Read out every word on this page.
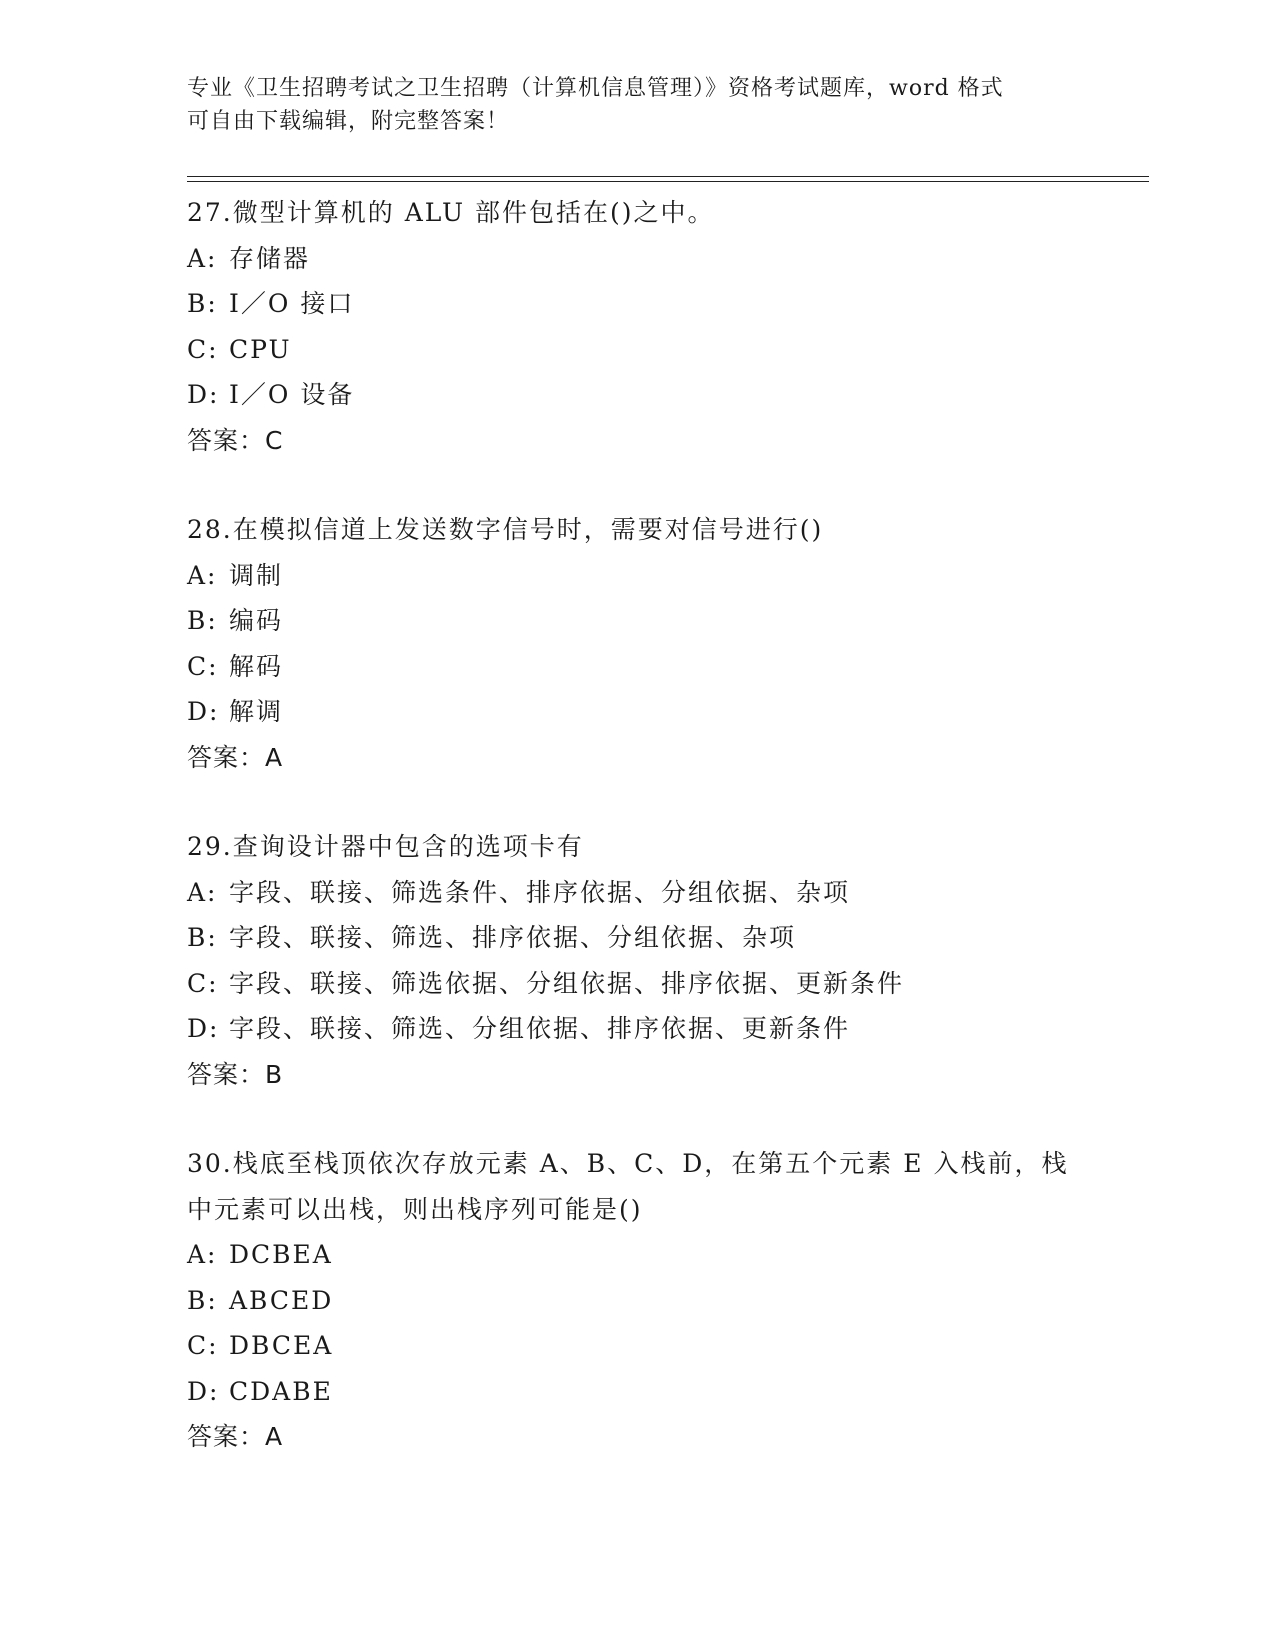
专业《卫生招聘考试之卫生招聘（计算机信息管理）》资格考试题库，word 格式
可自由下载编辑，附完整答案！
27.微型计算机的 ALU 部件包括在()之中。
A: 存储器
B: I／O 接口
C: CPU
D: I／O 设备
答案：C
28.在模拟信道上发送数字信号时，需要对信号进行()
A: 调制
B: 编码
C: 解码
D: 解调
答案：A
29.查询设计器中包含的选项卡有
A: 字段、联接、筛选条件、排序依据、分组依据、杂项
B: 字段、联接、筛选、排序依据、分组依据、杂项
C: 字段、联接、筛选依据、分组依据、排序依据、更新条件
D: 字段、联接、筛选、分组依据、排序依据、更新条件
答案：B
30.栈底至栈顶依次存放元素 A、B、C、D，在第五个元素 E 入栈前，栈
中元素可以出栈，则出栈序列可能是()
A: DCBEA
B: ABCED
C: DBCEA
D: CDABE
答案：A
